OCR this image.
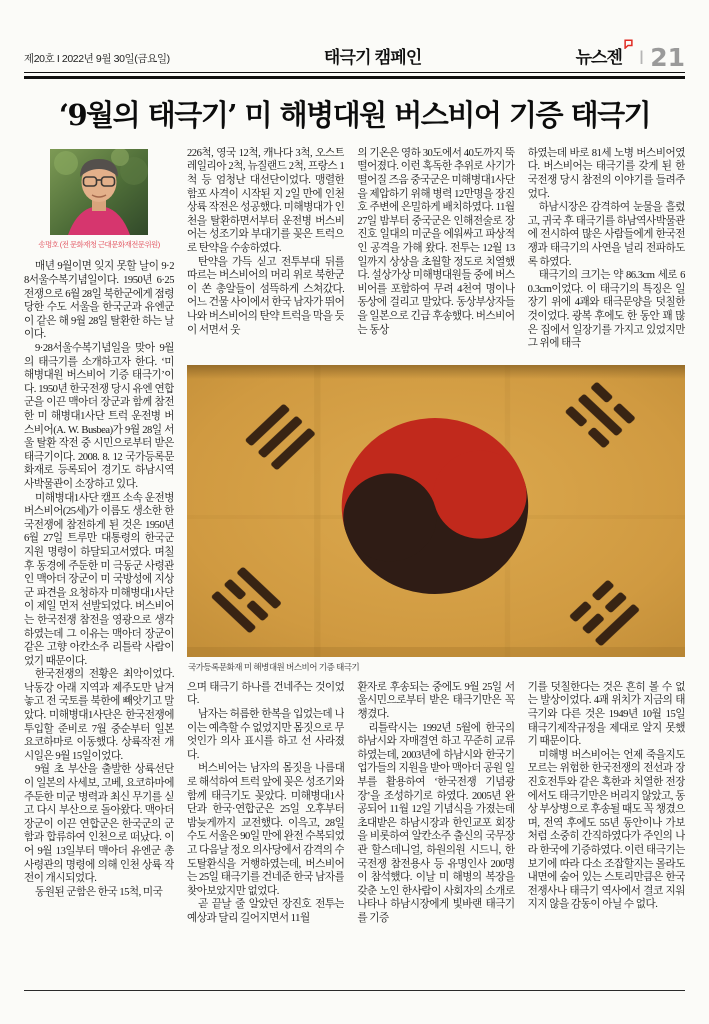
제20호 I 2022년 9월 30일(금요일)	태극기 캠페인	뉴스젠 I 21
‘9월의 태극기’ 미 해병대원 버스비어 기증 태극기
송명호 (전 문화재청 근대문화재전문위원)

매년 9월이면 잊지 못할 날이 9·28서울수복기념일이다. 1950년 6·25전쟁으로 6월 28일 북한군에게 점령당한 수도 서울을 한국군과 유엔군이 같은 해 9월 28일 탈환한 하는 날이다.

9·28서울수복기념일을 맞아 9월의 태극기를 소개하고자 한다. ‘미 해병대원 버스비어 기증 태극기’이다. 1950년 한국전쟁 당시 유엔 연합군을 이끈 맥아더 장군과 함께 참전한 미 해병대1사단 트럭 운전병 버스비어(A. W. Busbea)가 9월 28일 서울 탈환 작전 중 시민으로부터 받은 태극기이다. 2008. 8. 12 국가등록문화재로 등록되어 경기도 하남시역사박물관이 소장하고 있다.

미해병대1사단 캠프 소속 운전병 버스비어(25세)가 이름도 생소한 한국전쟁에 참전하게 된 것은 1950년 6월 27일 트루만 대통령의 한국군 지원 명령이 하달되고서였다. 며칠 후 동경에 주둔한 미 극동군 사령관인 맥아더 장군이 미 국방성에 지상군 파견을 요청하자 미해병대1사단이 제일 먼저 선발되었다. 버스비어는 한국전쟁 참전을 영광으로 생각하였는데 그 이유는 맥아더 장군이 같은 고향 아칸소주 리틀락 사람이었기 때문이다.

한국전쟁의 전황은 최악이었다. 낙동강 아래 지역과 제주도만 남겨 놓고 전 국토를 북한에 빼앗기고 말았다. 미해병대1사단은 한국전쟁에 투입할 준비로 7월 중순부터 일본 요코하마로 이동했다. 상륙작전 개시일은 9월 15일이었다.

9월 초 부산을 출발한 상륙선단이 일본의 사세보, 고베, 요코하마에 주둔한 미군 병력과 최신 무기를 싣고 다시 부산으로 돌아왔다. 맥아더 장군이 이끈 연합군은 한국군의 군함과 합류하여 인천으로 떠났다. 이어 9월 13일부터 맥아더 유엔군 총사령관의 명령에 의해 인천 상륙 작전이 개시되었다.

동원된 군함은 한국 15척, 미국

226척, 영국 12척, 캐나다 3척, 오스트레일리아 2척, 뉴질랜드 2척, 프랑스 1척 등 엄청난 대선단이었다. 맹렬한 함포 사격이 시작된 지 2일 만에 인천 상륙 작전은 성공했다. 미해병대가 인천을 탈환하면서부터 운전병 버스비어는 성조기와 부대기를 꽂은 트럭으로 탄약을 수송하였다.

탄약을 가득 싣고 전투부대 뒤를 따르는 버스비어의 머리 위로 북한군이 쏜 총알들이 섬뜩하게 스쳐갔다. 어느 건물 사이에서 한국 남자가 뛰어 나와 버스비어의 탄약 트럭을 막을 듯이 서면서 웃

의 기온은 영하 30도에서 40도까지 뚝 떨어졌다. 이런 혹독한 추위로 사기가 떨어질 즈음 중국군은 미해병대1사단을 제압하기 위해 병력 12만명을 장진호 주변에 은밀하게 배치하였다. 11월 27일 밤부터 중국군은 인해전술로 장진호 일대의 미군을 에워싸고 파상적인 공격을 가해 왔다. 전투는 12월 13일까지 상상을 초월할 정도로 치열했다. 설상가상 미해병대원들 중에 버스비어를 포함하여 무려 4천여 명이나 동상에 걸리고 말았다. 동상부상자들을 일본으로 긴급 후송했다. 버스비어는 동상

하였는데 바로 81세 노병 버스비어였다. 버스비어는 태극기를 갖게 된 한국전쟁 당시 참전의 이야기를 들려주었다.

하남시장은 감격하여 눈물을 흘렸고, 귀국 후 태극기를 하남역사박물관에 전시하여 많은 사람들에게 한국전쟁과 태극기의 사연을 널리 전파하도록 하였다.

태극기의 크기는 약 86.3cm 세로 60.3cm이었다. 이 태극기의 특징은 일장기 위에 4괘와 태극문양을 덧칠한 것이었다. 광복 후에도 한 동안 꽤 많은 집에서 일장기를 가지고 있었지만 그 위에 태극

국가등록문화재 미 해병대원 버스비어 기증 태극기

으며 태극기 하나를 건네주는 것이었다.

남자는 허름한 한복을 입었는데 나이는 예측할 수 없었지만 몸짓으로 무엇인가 의사 표시를 하고 선 사라졌다.

버스비어는 남자의 몸짓을 나름대로 해석하여 트럭 앞에 꽂은 성조기와 함께 태극기도 꽂았다. 미해병대1사단과 한국·연합군은 25일 오후부터 밤늦게까지 교전했다. 이윽고, 28일 수도 서울은 90일 만에 완전 수복되었고 다음날 정오 의사당에서 감격의 수도탈환식을 거행하였는데, 버스비어는 25일 태극기를 건네준 한국 남자를 찾아보았지만 없었다.

곧 끝날 줄 알았던 장진호 전투는 예상과 달리 길어지면서 11월

환자로 후송되는 중에도 9월 25일 서울시민으로부터 받은 태극기만은 꼭 챙겼다.

리틀락시는 1992년 5월에 한국의 하남시와 자매결연 하고 꾸준히 교류하였는데, 2003년에 하남시와 한국기업가들의 지원을 받아 맥아더 공원 일부를 활용하여 ‘한국전쟁 기념광장’을 조성하기로 하였다. 2005년 완공되어 11월 12일 기념식을 가졌는데 초대받은 하남시장과 한인교포 회장을 비롯하여 알칸소주 출신의 국무장관 할스데니얼, 하원의원 시드니, 한국전쟁 참전용사 등 유명인사 200명이 참석했다. 이날 미 해병의 복장을 갖춘 노인 한사람이 사회자의 소개로 나타나 하남시장에게 빛바랜 태극기를 기증

기를 덧칠한다는 것은 흔히 볼 수 없는 발상이었다. 4괘 위치가 지금의 태극기와 다른 것은 1949년 10월 15일 태극기제작규정을 제대로 알지 못했기 때문이다.

미해병 버스비어는 언제 죽을지도 모르는 위험한 한국전쟁의 전선과 장진호전투와 같은 혹한과 치열한 전장에서도 태극기만은 버리지 않았고, 동상 부상병으로 후송될 때도 꼭 챙겼으며, 전역 후에도 55년 동안이나 가보처럼 소중히 간직하였다가 주인의 나라 한국에 기증하였다. 이런 태극기는 보기에 따라 다소 조잡할지는 몰라도 내면에 숨어 있는 스토리만큼은 한국전쟁사나 태극기 역사에서 결코 지워지지 않을 감동이 아닐 수 없다.
